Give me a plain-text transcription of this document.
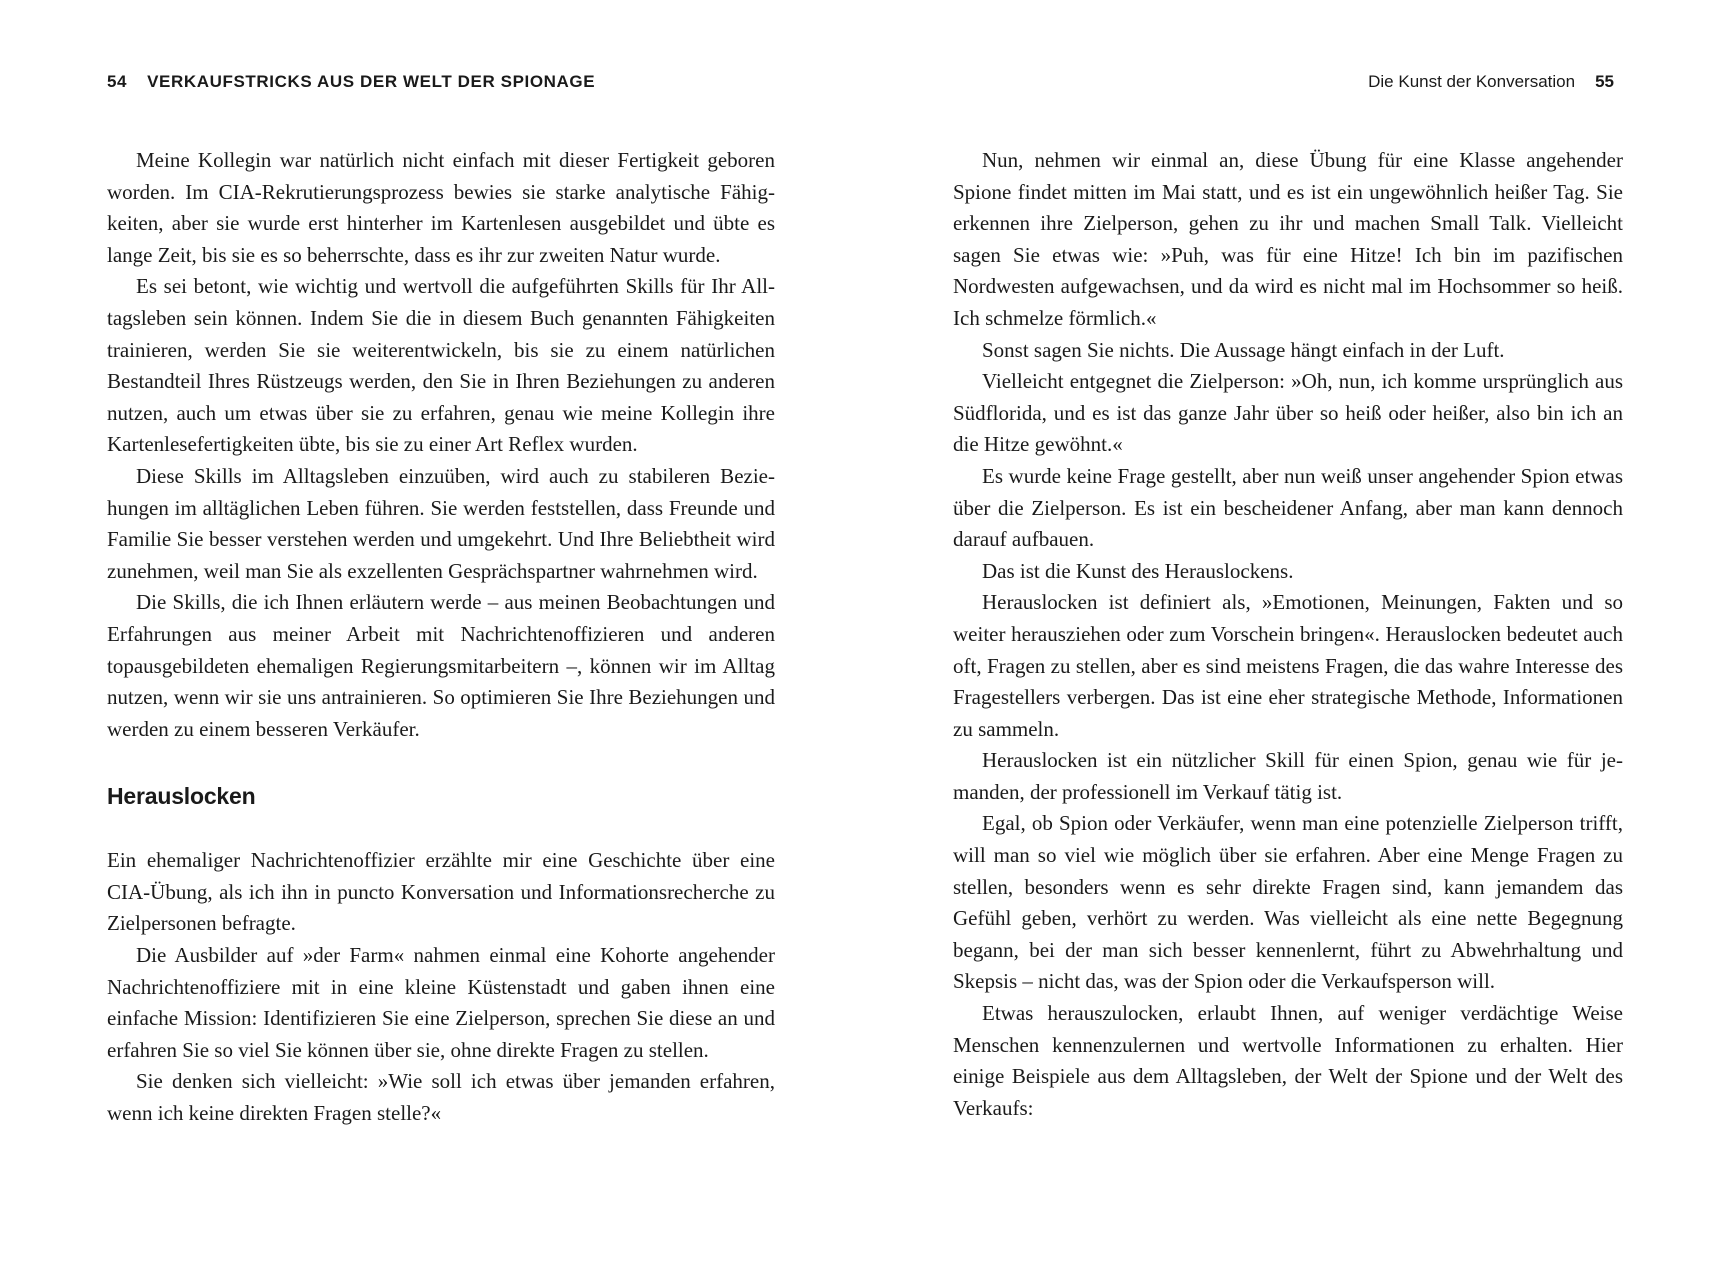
54 VERKAUFSTRICKS AUS DER WELT DER SPIONAGE

Meine Kollegin war natürlich nicht einfach mit dieser Fertigkeit geboren worden. Im CIA-Rekrutierungsprozess bewies sie starke analytische Fähigkeiten, aber sie wurde erst hinterher im Kartenlesen ausgebildet und übte es lange Zeit, bis sie es so beherrschte, dass es ihr zur zweiten Natur wurde.

Es sei betont, wie wichtig und wertvoll die aufgeführten Skills für Ihr Alltagsleben sein können. Indem Sie die in diesem Buch genannten Fähigkeiten trainieren, werden Sie sie weiterentwickeln, bis sie zu einem natürlichen Bestandteil Ihres Rüstzeugs werden, den Sie in Ihren Beziehungen zu anderen nutzen, auch um etwas über sie zu erfahren, genau wie meine Kollegin ihre Kartenlesefertigkeiten übte, bis sie zu einer Art Reflex wurden.

Diese Skills im Alltagsleben einzuüben, wird auch zu stabileren Beziehungen im alltäglichen Leben führen. Sie werden feststellen, dass Freunde und Familie Sie besser verstehen werden und umgekehrt. Und Ihre Beliebtheit wird zunehmen, weil man Sie als exzellenten Gesprächspartner wahrnehmen wird.

Die Skills, die ich Ihnen erläutern werde – aus meinen Beobachtungen und Erfahrungen aus meiner Arbeit mit Nachrichtenoffizieren und anderen topausgebildeten ehemaligen Regierungsmitarbeitern –, können wir im Alltag nutzen, wenn wir sie uns antrainieren. So optimieren Sie Ihre Beziehungen und werden zu einem besseren Verkäufer.

Herauslocken

Ein ehemaliger Nachrichtenoffizier erzählte mir eine Geschichte über eine CIA-Übung, als ich ihn in puncto Konversation und Informationsrecherche zu Zielpersonen befragte.

Die Ausbilder auf »der Farm« nahmen einmal eine Kohorte angehender Nachrichtenoffiziere mit in eine kleine Küstenstadt und gaben ihnen eine einfache Mission: Identifizieren Sie eine Zielperson, sprechen Sie diese an und erfahren Sie so viel Sie können über sie, ohne direkte Fragen zu stellen.

Sie denken sich vielleicht: »Wie soll ich etwas über jemanden erfahren, wenn ich keine direkten Fragen stelle?«

Die Kunst der Konversation 55

Nun, nehmen wir einmal an, diese Übung für eine Klasse angehender Spione findet mitten im Mai statt, und es ist ein ungewöhnlich heißer Tag. Sie erkennen ihre Zielperson, gehen zu ihr und machen Small Talk. Vielleicht sagen Sie etwas wie: »Puh, was für eine Hitze! Ich bin im pazifischen Nordwesten aufgewachsen, und da wird es nicht mal im Hochsommer so heiß. Ich schmelze förmlich.«

Sonst sagen Sie nichts. Die Aussage hängt einfach in der Luft.

Vielleicht entgegnet die Zielperson: »Oh, nun, ich komme ursprünglich aus Südflorida, und es ist das ganze Jahr über so heiß oder heißer, also bin ich an die Hitze gewöhnt.«

Es wurde keine Frage gestellt, aber nun weiß unser angehender Spion etwas über die Zielperson. Es ist ein bescheidener Anfang, aber man kann dennoch darauf aufbauen.

Das ist die Kunst des Herauslockens.

Herauslocken ist definiert als, »Emotionen, Meinungen, Fakten und so weiter herausziehen oder zum Vorschein bringen«. Herauslocken bedeutet auch oft, Fragen zu stellen, aber es sind meistens Fragen, die das wahre Interesse des Fragestellers verbergen. Das ist eine eher strategische Methode, Informationen zu sammeln.

Herauslocken ist ein nützlicher Skill für einen Spion, genau wie für jemanden, der professionell im Verkauf tätig ist.

Egal, ob Spion oder Verkäufer, wenn man eine potenzielle Zielperson trifft, will man so viel wie möglich über sie erfahren. Aber eine Menge Fragen zu stellen, besonders wenn es sehr direkte Fragen sind, kann jemandem das Gefühl geben, verhört zu werden. Was vielleicht als eine nette Begegnung begann, bei der man sich besser kennenlernt, führt zu Abwehrhaltung und Skepsis – nicht das, was der Spion oder die Verkaufsperson will.

Etwas herauszulocken, erlaubt Ihnen, auf weniger verdächtige Weise Menschen kennenzulernen und wertvolle Informationen zu erhalten. Hier einige Beispiele aus dem Alltagsleben, der Welt der Spione und der Welt des Verkaufs:
